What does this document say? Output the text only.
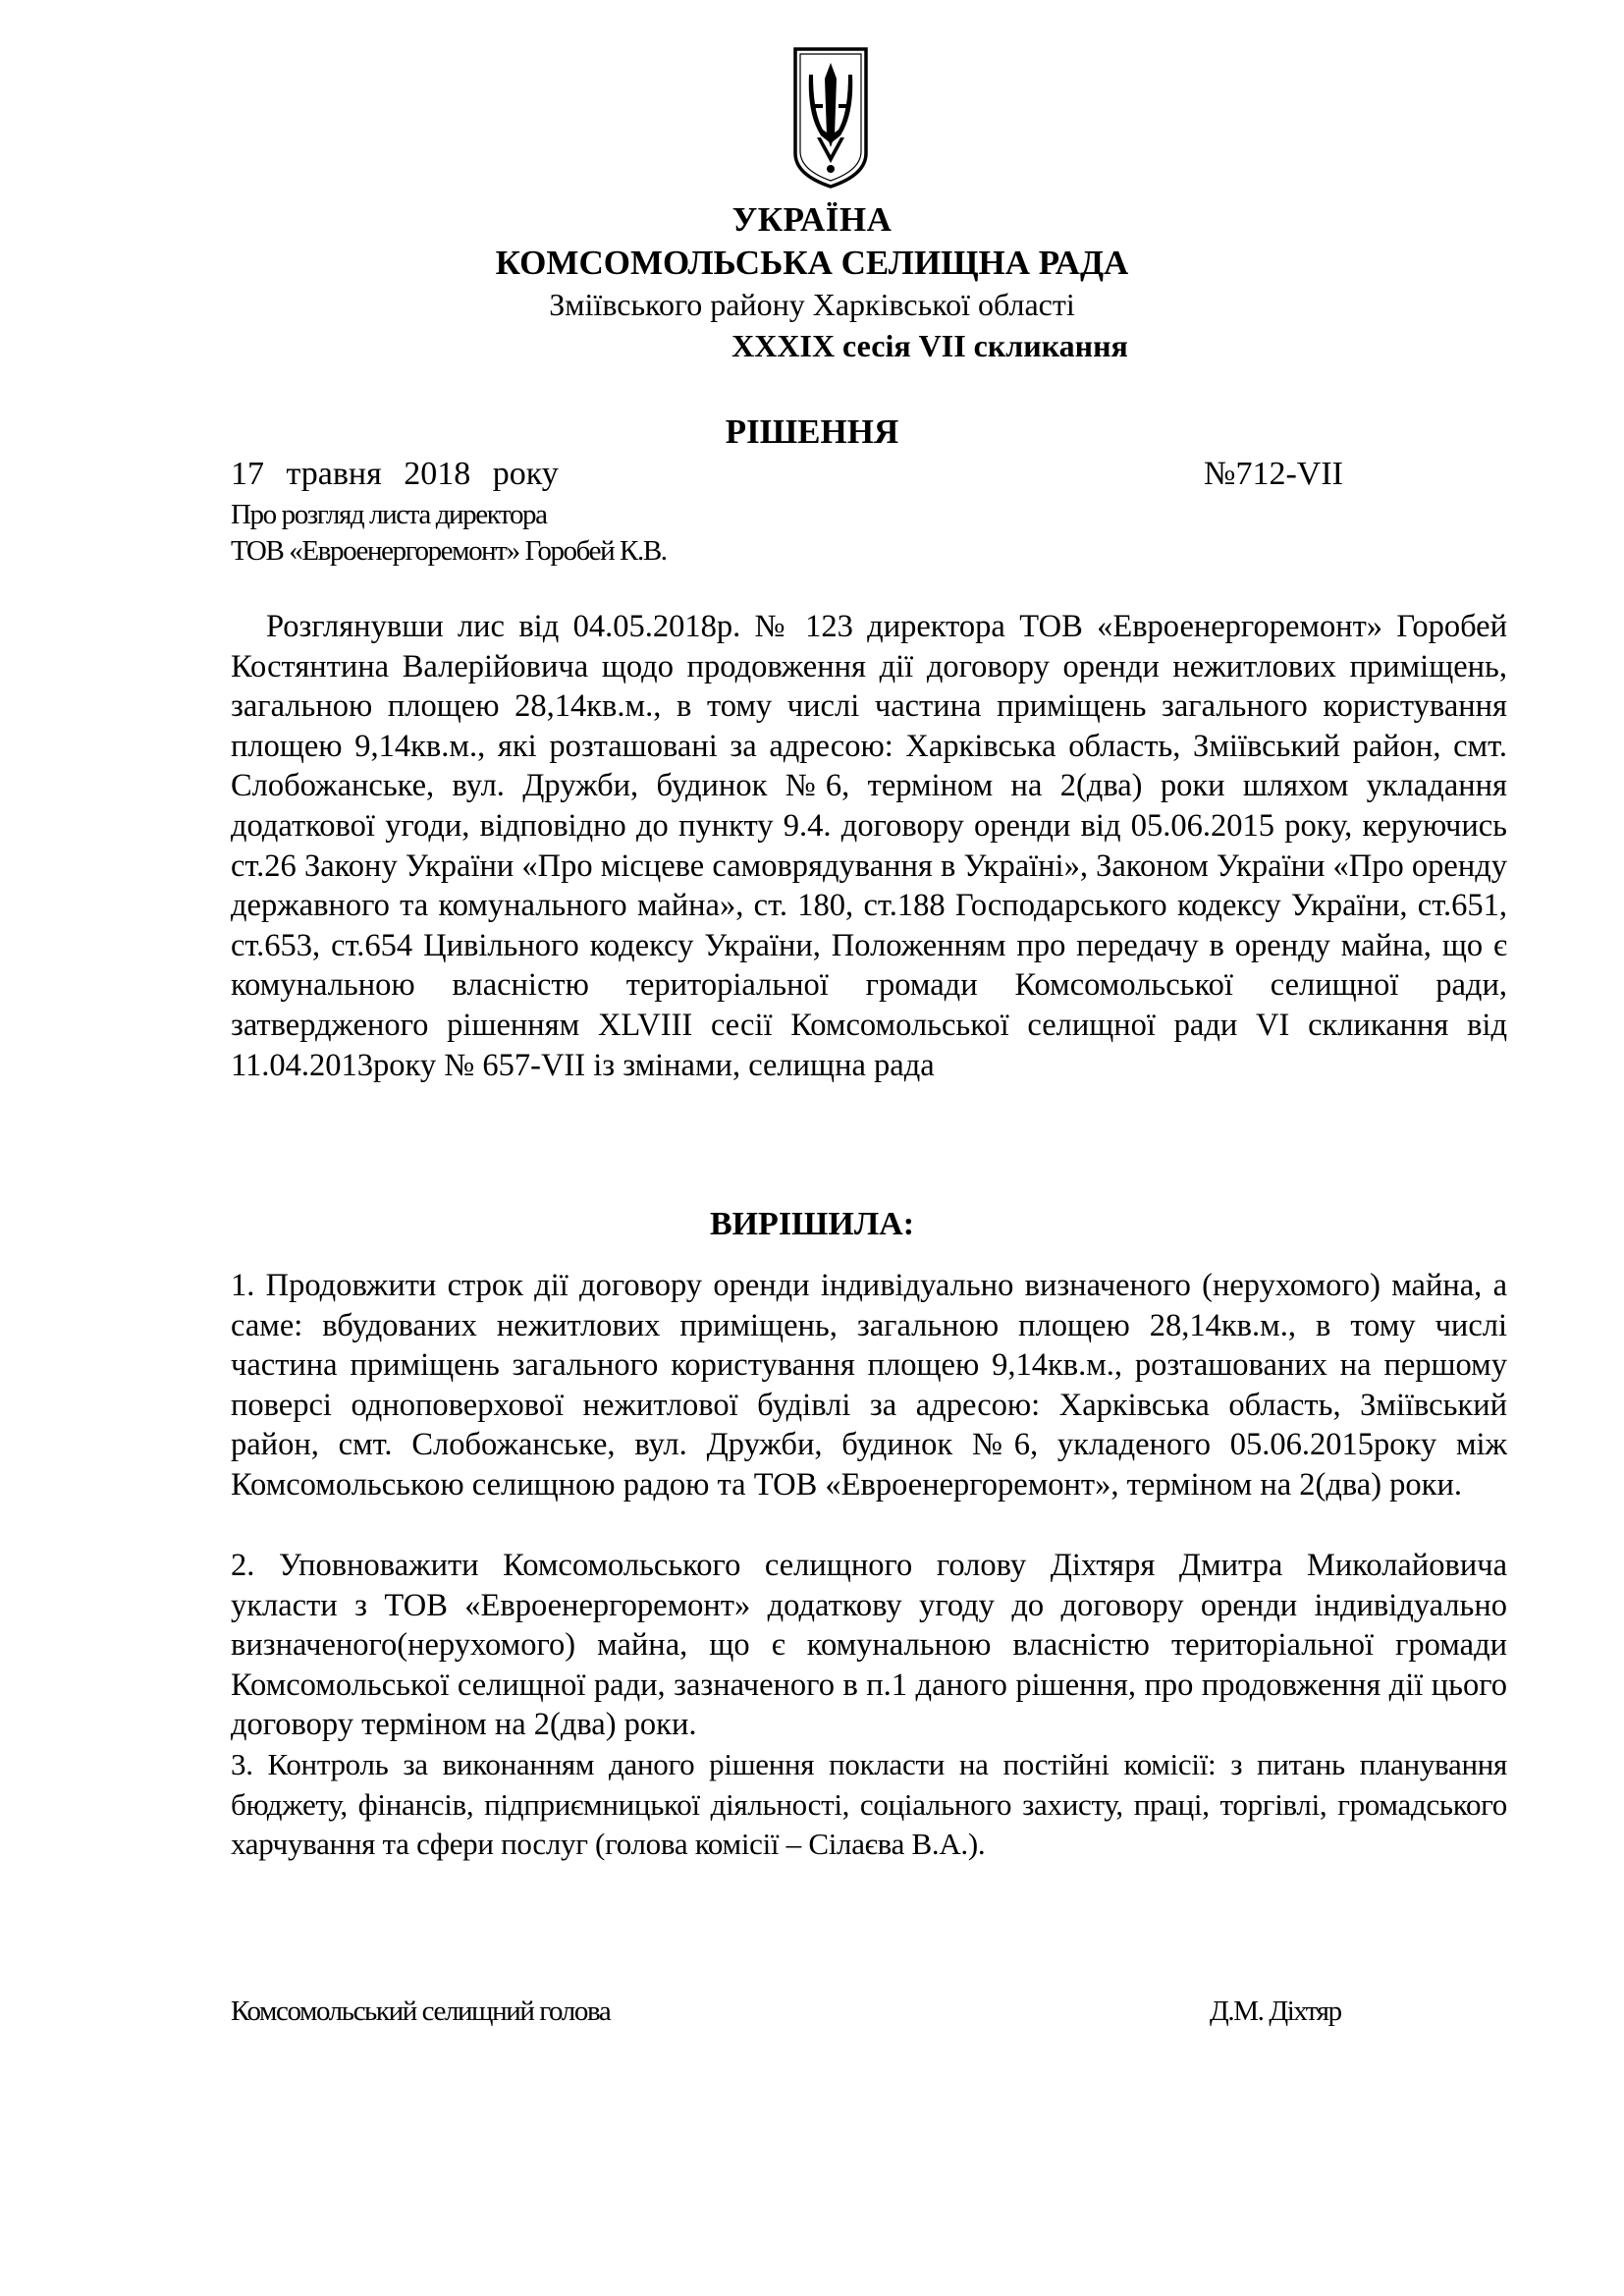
УКРАЇНА
КОМСОМОЛЬСЬКА СЕЛИЩНА РАДА
Зміївського району Харківської області
XXXIX сесія VII скликання
РІШЕННЯ
17 травня 2018 року	№712-VII
Про розгляд листа директора
ТОВ «Евроенергоремонт» Горобей К.В.

Розглянувши лис від 04.05.2018р. № 123 директора ТОВ «Евроенергоремонт» Горобей Костянтина Валерійовича щодо продовження дії договору оренди нежитлових приміщень, загальною площею 28,14кв.м., в тому числі частина приміщень загального користування площею 9,14кв.м., які розташовані за адресою: Харківська область, Зміївський район, смт. Слобожанське, вул. Дружби, будинок №6, терміном на 2(два) роки шляхом укладання додаткової угоди, відповідно до пункту 9.4. договору оренди від 05.06.2015 року, керуючись ст.26 Закону України «Про місцеве самоврядування в Україні», Законом України «Про оренду державного та комунального майна», ст. 180, ст.188 Господарського кодексу України, ст.651, ст.653, ст.654 Цивільного кодексу України, Положенням про передачу в оренду майна, що є комунальною власністю територіальної громади Комсомольської селищної ради, затвердженого рішенням XLVIII сесії Комсомольської селищної ради VI скликання від 11.04.2013року № 657-VII із змінами, селищна рада

ВИРІШИЛА:

1. Продовжити строк дії договору оренди індивідуально визначеного (нерухомого) майна, а саме: вбудованих нежитлових приміщень, загальною площею 28,14кв.м., в тому числі частина приміщень загального користування площею 9,14кв.м., розташованих на першому поверсі одноповерхової нежитлової будівлі за адресою: Харківська область, Зміївський район, смт. Слобожанське, вул. Дружби, будинок №6, укладеного 05.06.2015року між Комсомольською селищною радою та ТОВ «Евроенергоремонт», терміном на 2(два) роки.

2. Уповноважити Комсомольського селищного голову Діхтяря Дмитра Миколайовича укласти з ТОВ «Евроенергоремонт» додаткову угоду до договору оренди індивідуально визначеного(нерухомого) майна, що є комунальною власністю територіальної громади Комсомольської селищної ради, зазначеного в п.1 даного рішення, про продовження дії цього договору терміном на 2(два) роки.

3. Контроль за виконанням даного рішення покласти на постійні комісії: з питань планування бюджету, фінансів, підприємницької діяльності, соціального захисту, праці, торгівлі, громадського харчування та сфери послуг (голова комісії – Сілаєва В.А.).

Комсомольський селищний голова	Д.М. Діхтяр
